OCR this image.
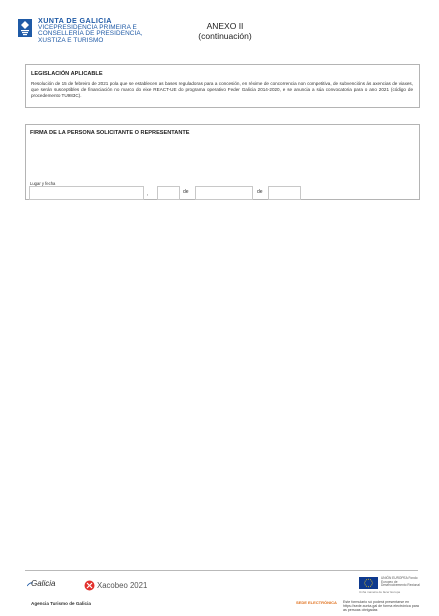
XUNTA DE GALICIA
VICEPRESIDENCIA PRIMEIRA E
CONSELLERÍA DE PRESIDENCIA,
XUSTIZA E TURISMO
ANEXO II
(continuación)
LEGISLACIÓN APLICABLE
Resolución de 15 de febreiro de 2021 pola que se establecen as bases reguladoras para a concesión, en réxime de concorrencia non competitiva, de subvencións ás axencias de viaxes, que serán susceptibles de financiación no marco do eixe REACT-UE do programa operativo Feder Galicia 2014-2020, e se anuncia a súa convocatoria para o ano 2021 (código de procedemento TU983C).
FIRMA DE LA PERSONA SOLICITANTE O REPRESENTANTE
Lugar y fecha
,	de	de
Galicia	Xacobeo 2021
UNIÓN EUROPEA Fondo Europeo de Desenvolvemento Rexional
Unha maneira de facer Europa
Agencia Turismo de Galicia	SEDE ELECTRÓNICA Este formulario só poderá presentarse en https://sede.xunta.gal de forma electrónica para as persoas obrigadas
